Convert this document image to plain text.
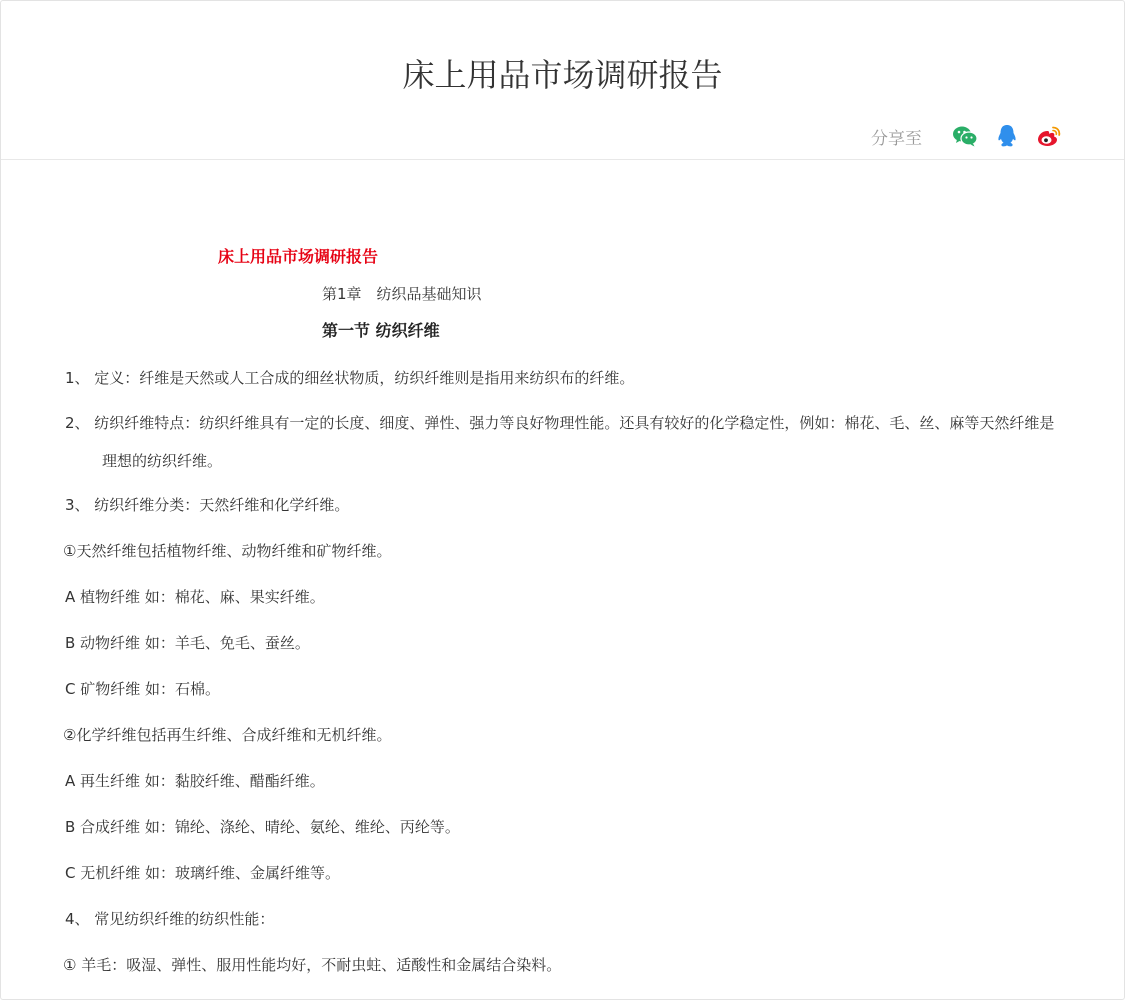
床上用品市场调研报告
分享至
床上用品市场调研报告
第1章 纺织品基础知识
第一节 纺织纤维
1、 定义：纤维是天然或人工合成的细丝状物质，纺织纤维则是指用来纺织布的纤维。
2、 纺织纤维特点：纺织纤维具有一定的长度、细度、弹性、强力等良好物理性能。还具有较好的化学稳定性，例如：棉花、毛、丝、麻等天然纤维是理想的纺织纤维。
3、 纺织纤维分类：天然纤维和化学纤维。
①天然纤维包括植物纤维、动物纤维和矿物纤维。
A 植物纤维 如：棉花、麻、果实纤维。
B 动物纤维 如：羊毛、免毛、蚕丝。
C 矿物纤维 如：石棉。
②化学纤维包括再生纤维、合成纤维和无机纤维。
A 再生纤维 如：黏胶纤维、醋酯纤维。
B 合成纤维 如：锦纶、涤纶、晴纶、氨纶、维纶、丙纶等。
C 无机纤维 如：玻璃纤维、金属纤维等。
4、 常见纺织纤维的纺织性能：
① 羊毛：吸湿、弹性、服用性能均好，不耐虫蛀、适酸性和金属结合染料。
